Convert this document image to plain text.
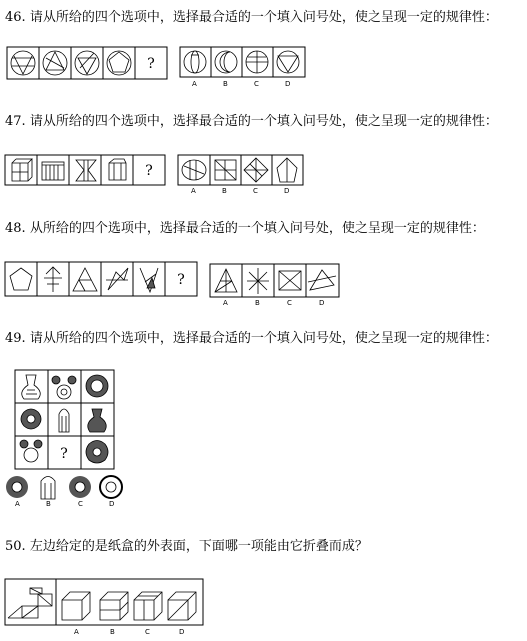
46. 请从所给的四个选项中，选择最合适的一个填入问号处，使之呈现一定的规律性：
47. 请从所给的四个选项中，选择最合适的一个填入问号处，使之呈现一定的规律性：
48. 从所给的四个选项中，选择最合适的一个填入问号处，使之呈现一定的规律性：
49. 请从所给的四个选项中，选择最合适的一个填入问号处，使之呈现一定的规律性：
50. 左边给定的是纸盒的外表面，下面哪一项能由它折叠而成？
?
?
?
?
A	B	C	D
A	B	C	D
A	B	C	D
A	B	C	D
A	B	C	D
